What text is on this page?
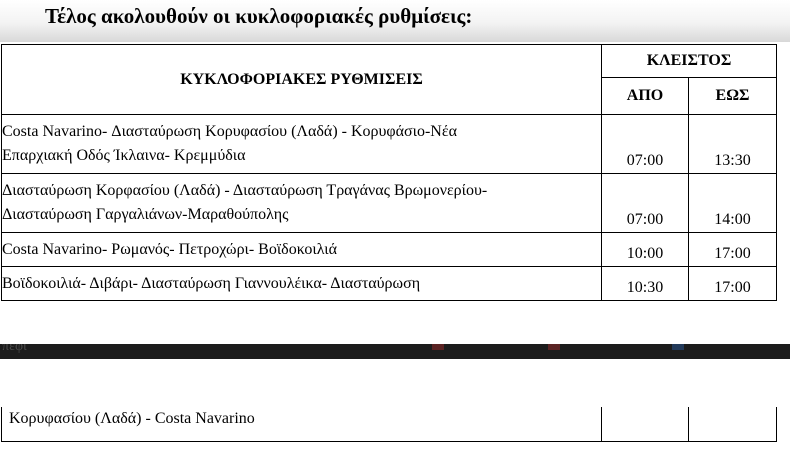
Τέλος ακολουθούν οι κυκλοφοριακές ρυθμίσεις:
ΚΥΚΛΟΦΟΡΙΑΚΕΣ ΡΥΘΜΙΣΕΙΣ	ΚΛΕΙΣΤΟΣ	
	ΑΠΟ	ΕΩΣ
Costa Navarino- Διασταύρωση Κορυφασίου (Λαδά) - Κορυφάσιο-Νέα
Επαρχιακή Οδός Ίκλαινα- Κρεμμύδια	07:00	13:30
Διασταύρωση Κορφασίου (Λαδά) - Διασταύρωση Τραγάνας Βρωμονερίου-
Διασταύρωση Γαργαλιάνων-Μαραθούπολης	07:00	14:00
Costa Navarino- Ρωμανός- Πετροχώρι- Βοϊδοκοιλιά	10:00	17:00
Βοϊδοκοιλιά- Διβάρι- Διασταύρωση Γιαννουλέικα- Διασταύρωση	10:30	17:00
πεφι
Κορυφασίου (Λαδά) - Costa Navarino
